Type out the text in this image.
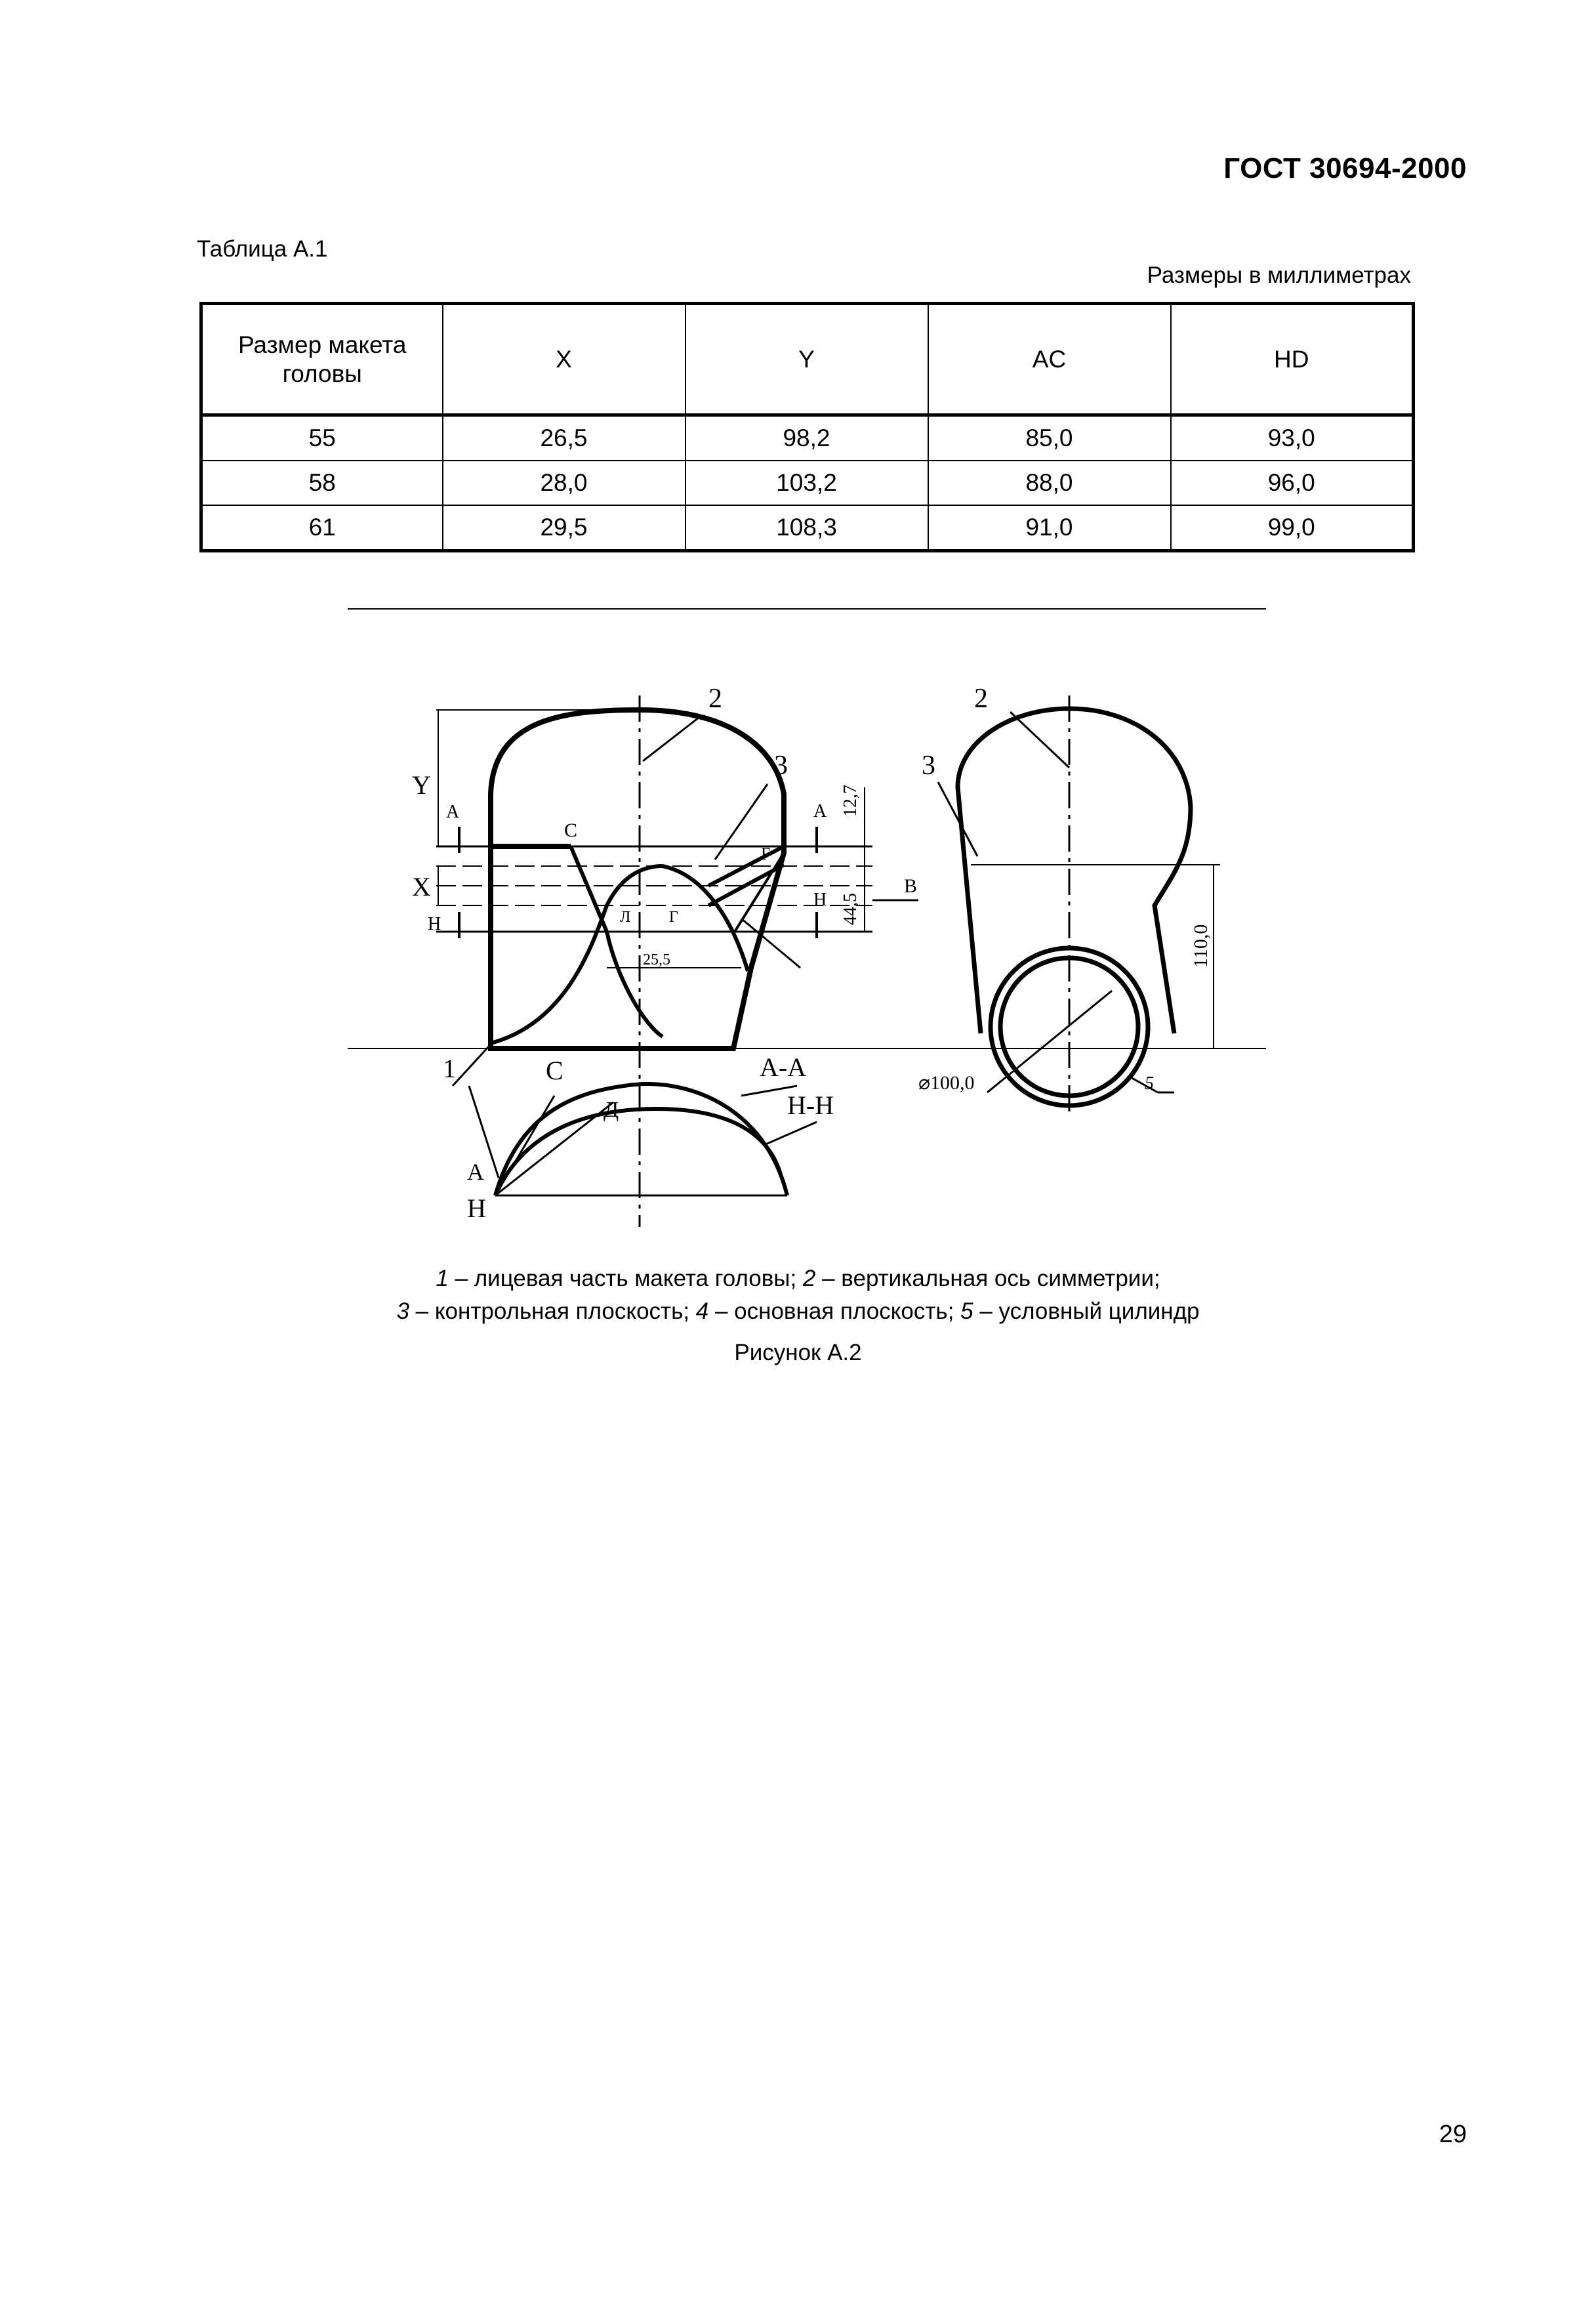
ГОСТ 30694-2000
Таблица А.1
Размеры в миллиметрах
Размер макета головы	X	Y	AC	HD
55	26,5	98,2	85,0	93,0
58	28,0	103,2	88,0	96,0
61	29,5	108,3	91,0	99,0
Y
X
1
2
3
A
H
C
A
H
F
Л Г
B
12,7
44,5
25,5
C
Д
A
H
A-A
H-H
2
3
5
110,0
⌀100,0
1 – лицевая часть макета головы; 2 – вертикальная ось симметрии;
3 – контрольная плоскость; 4 – основная плоскость; 5 – условный цилиндр
Рисунок А.2
29
